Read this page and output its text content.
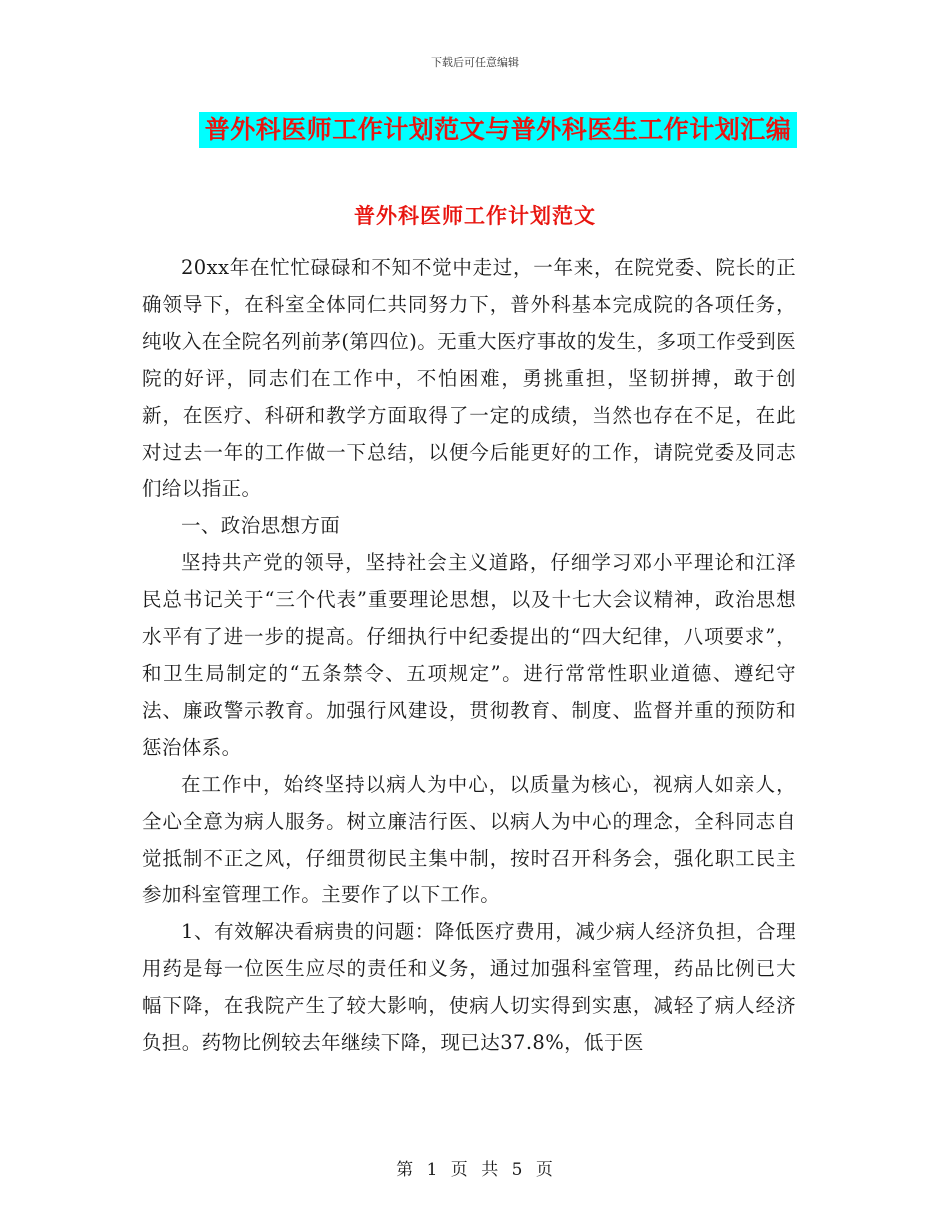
下载后可任意编辑
普外科医师工作计划范文与普外科医生工作计划汇编
普外科医师工作计划范文

20xx年在忙忙碌碌和不知不觉中走过，一年来，在院党委、院长的正确领导下，在科室全体同仁共同努力下，普外科基本完成院的各项任务，纯收入在全院名列前茅(第四位)。无重大医疗事故的发生，多项工作受到医院的好评，同志们在工作中，不怕困难，勇挑重担，坚韧拼搏，敢于创新，在医疗、科研和教学方面取得了一定的成绩，当然也存在不足，在此对过去一年的工作做一下总结，以便今后能更好的工作，请院党委及同志们给以指正。

一、政治思想方面

坚持共产党的领导，坚持社会主义道路，仔细学习邓小平理论和江泽民总书记关于“三个代表”重要理论思想，以及十七大会议精神，政治思想水平有了进一步的提高。仔细执行中纪委提出的“四大纪律，八项要求”，和卫生局制定的“五条禁令、五项规定”。进行常常性职业道德、遵纪守法、廉政警示教育。加强行风建设，贯彻教育、制度、监督并重的预防和惩治体系。

在工作中，始终坚持以病人为中心，以质量为核心，视病人如亲人，全心全意为病人服务。树立廉洁行医、以病人为中心的理念，全科同志自觉抵制不正之风，仔细贯彻民主集中制，按时召开科务会，强化职工民主参加科室管理工作。主要作了以下工作。

1、有效解决看病贵的问题：降低医疗费用，减少病人经济负担，合理用药是每一位医生应尽的责任和义务，通过加强科室管理，药品比例已大幅下降，在我院产生了较大影响，使病人切实得到实惠，减轻了病人经济负担。药物比例较去年继续下降，现已达37.8%，低于医

第 1 页 共 5 页
